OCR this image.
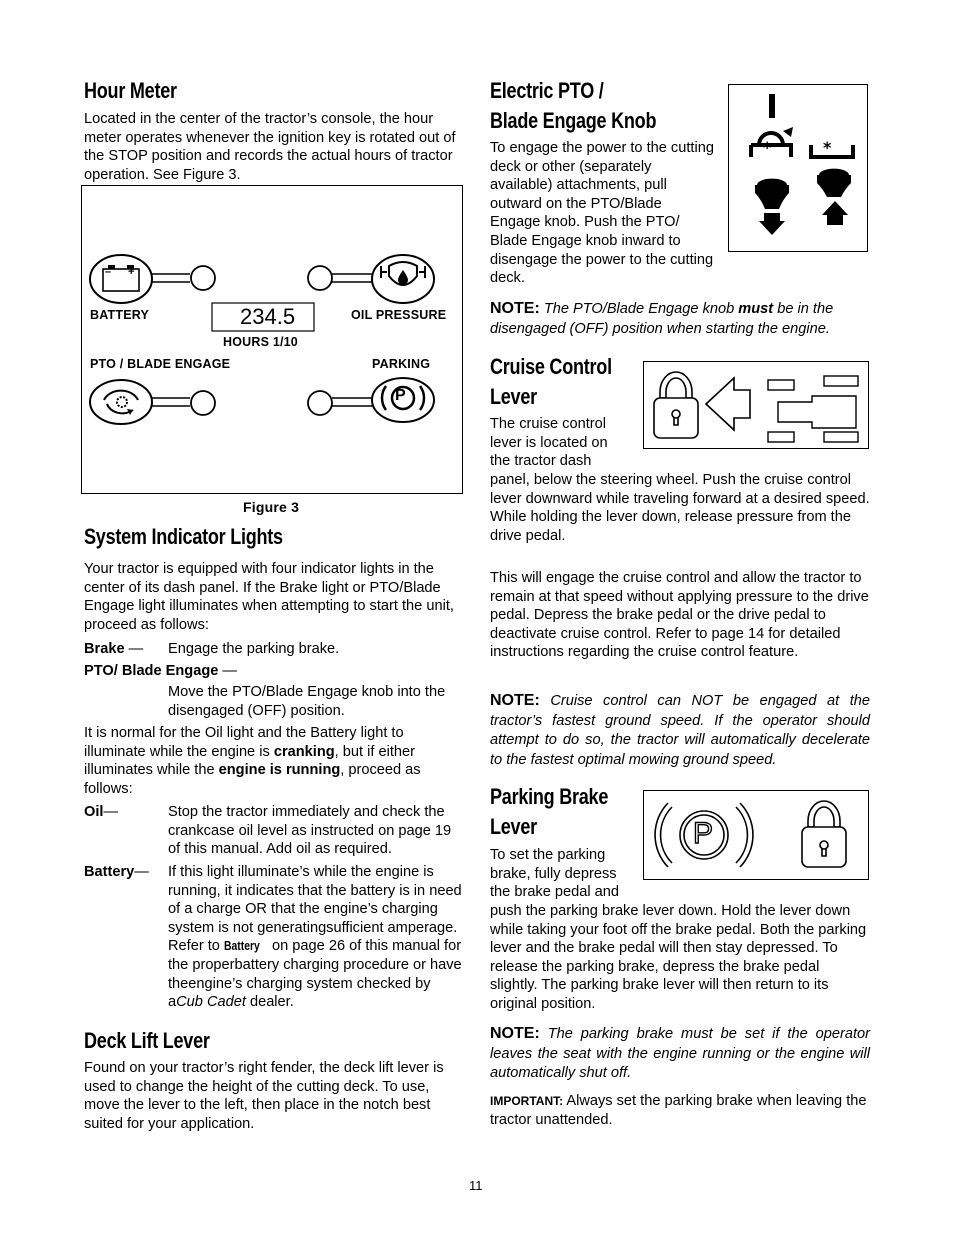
Hour Meter

Located in the center of the tractor’s console, the hour meter operates whenever the ignition key is rotated out of the STOP position and records the actual hours of tractor operation. See Figure 3.

– +
P
234.5
BATTERY	OIL PRESSURE
HOURS 1/10
PTO / BLADE ENGAGE	PARKING
Figure 3
System Indicator Lights

Your tractor is equipped with four indicator lights in the center of its dash panel. If the Brake light or PTO/Blade Engage light illuminates when attempting to start the unit, proceed as follows:

Brake — Engage the parking brake.
PTO/ Blade Engage —

Move the PTO/Blade Engage knob into the disengaged (OFF) position.

It is normal for the Oil light and the Battery light to illuminate while the engine is cranking, but if either illuminates while the engine is running, proceed as follows:

Oil—	Stop the tractor immediately and check the crankcase oil level as instructed on page 19 of this manual. Add oil as required.

Battery— If this light illuminate’s while the engine is running, it indicates that the battery is in need of a charge OR that the engine’s charging system is not generatingsufficient amperage. Refer to Battery on page 26 of this manual for the properbattery charging procedure or have theengine’s charging system checked by aCub Cadet dealer.

Deck Lift Lever

Found on your tractor’s right fender, the deck lift lever is used to change the height of the cutting deck. To use, move the lever to the left, then place in the notch best suited for your application.

Electric PTO /
Blade Engage Knob

To engage the power to the cutting deck or other (separately available) attachments, pull outward on the PTO/Blade Engage knob. Push the PTO/ Blade Engage knob inward to disengage the power to the cutting deck.

*	*

NOTE: The PTO/Blade Engage knob must be in the disengaged (OFF) position when starting the engine.

Cruise Control
Lever

The cruise control lever is located on the tractor dash

panel, below the steering wheel. Push the cruise control lever downward while traveling forward at a desired speed. While holding the lever down, release pressure from the drive pedal.

This will engage the cruise control and allow the tractor to remain at that speed without applying pressure to the drive pedal. Depress the brake pedal or the drive pedal to deactivate cruise control. Refer to page 14 for detailed instructions regarding the cruise control feature.

NOTE: Cruise control can NOT be engaged at the tractor’s fastest ground speed. If the operator should attempt to do so, the tractor will automatically decelerate to the fastest optimal mowing ground speed.

Parking Brake
Lever	P

To set the parking brake, fully depress the brake pedal and

push the parking brake lever down. Hold the lever down while taking your foot off the brake pedal. Both the parking lever and the brake pedal will then stay depressed. To release the parking brake, depress the brake pedal slightly. The parking brake lever will then return to its original position.

NOTE: The parking brake must be set if the operator leaves the seat with the engine running or the engine will automatically shut off.

IMPORTANT: Always set the parking brake when leaving the tractor unattended.

11
